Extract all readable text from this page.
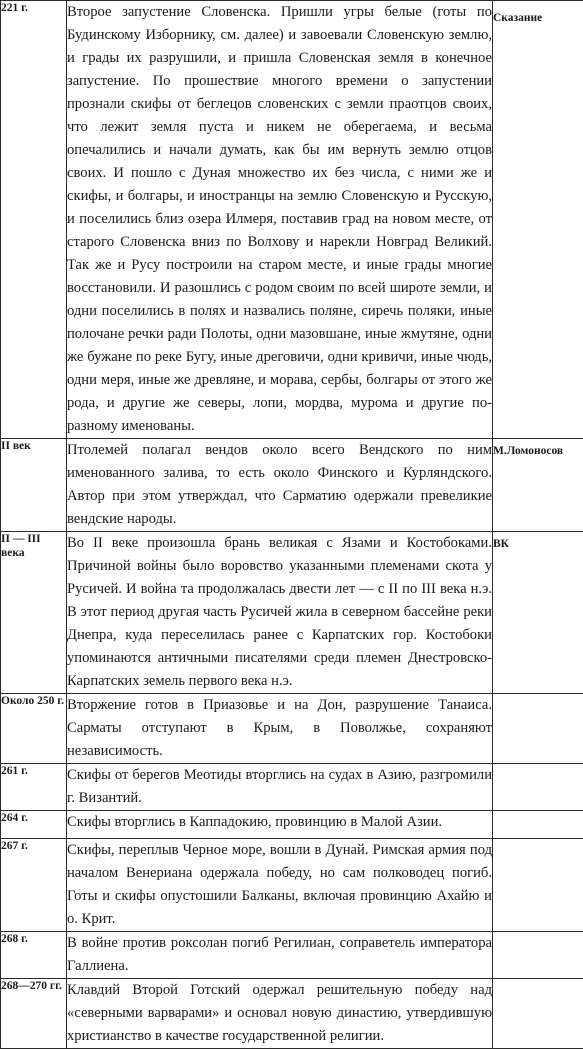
221 г.	Второе запустение Словенска. Пришли угры белые (готы по Будинскому Изборнику, см. далее) и завоевали Словенскую землю, и грады их разрушили, и пришла Словенская земля в конечное запустение. По прошествие многого времени о запустении прознали скифы от беглецов словенских с земли праотцов своих, что лежит земля пуста и никем не оберегаема, и весьма опечалились и начали думать, как бы им вернуть землю отцов своих. И пошло с Дуная множество их без числа, с ними же и скифы, и болгары, и иностранцы на землю Словенскую и Русскую, и поселились близ озера Илмеря, поставив град на новом месте, от старого Словенска вниз по Волхову и нарекли Новград Великий. Так же и Русу построили на старом месте, и иные грады многие восстановили. И разошлись с родом своим по всей широте земли, и одни поселились в полях и назвались поляне, сиречь поляки, иные полочане речки ради Полоты, одни мазовшане, иные жмутяне, одни же бужане по реке Бугу, иные дреговичи, одни кривичи, иные чюдь, одни меря, иные же древляне, и морава, сербы, болгары от этого же рода, и другие же северы, лопи, мордва, мурома и другие по-разному именованы.	Сказание
II век	Птолемей полагал вендов около всего Вендского по ним именованного залива, то есть около Финского и Курляндского. Автор при этом утверждал, что Сарматию одержали превеликие вендские народы.	М.Ломоносов
II — III века	Во II веке произошла брань великая с Язами и Костобоками. Причиной войны было воровство указанными племенами скота у Русичей. И война та продолжалась двести лет — с II по III века н.э. В этот период другая часть Русичей жила в северном бассейне реки Днепра, куда переселилась ранее с Карпатских гор. Костобоки упоминаются античными писателями среди племен Днестровско-Карпатских земель первого века н.э.	ВК
Около 250 г.	Вторжение готов в Приазовье и на Дон, разрушение Танаиса. Сарматы отступают в Крым, в Поволжье, сохраняют независимость.	
261 г.	Скифы от берегов Меотиды вторглись на судах в Азию, разгромили г. Византий.	
264 г.	Скифы вторглись в Каппадокию, провинцию в Малой Азии.	
267 г.	Скифы, переплыв Черное море, вошли в Дунай. Римская армия под началом Венериана одержала победу, но сам полководец погиб. Готы и скифы опустошили Балканы, включая провинцию Ахайю и о. Крит.	
268 г.	В войне против роксолан погиб Регилиан, соправетель императора Галлиена.	
268—270 гг.	Клавдий Второй Готский одержал решительную победу над «северными варварами» и основал новую династию, утвердившую христианство в качестве государственной религии.	
